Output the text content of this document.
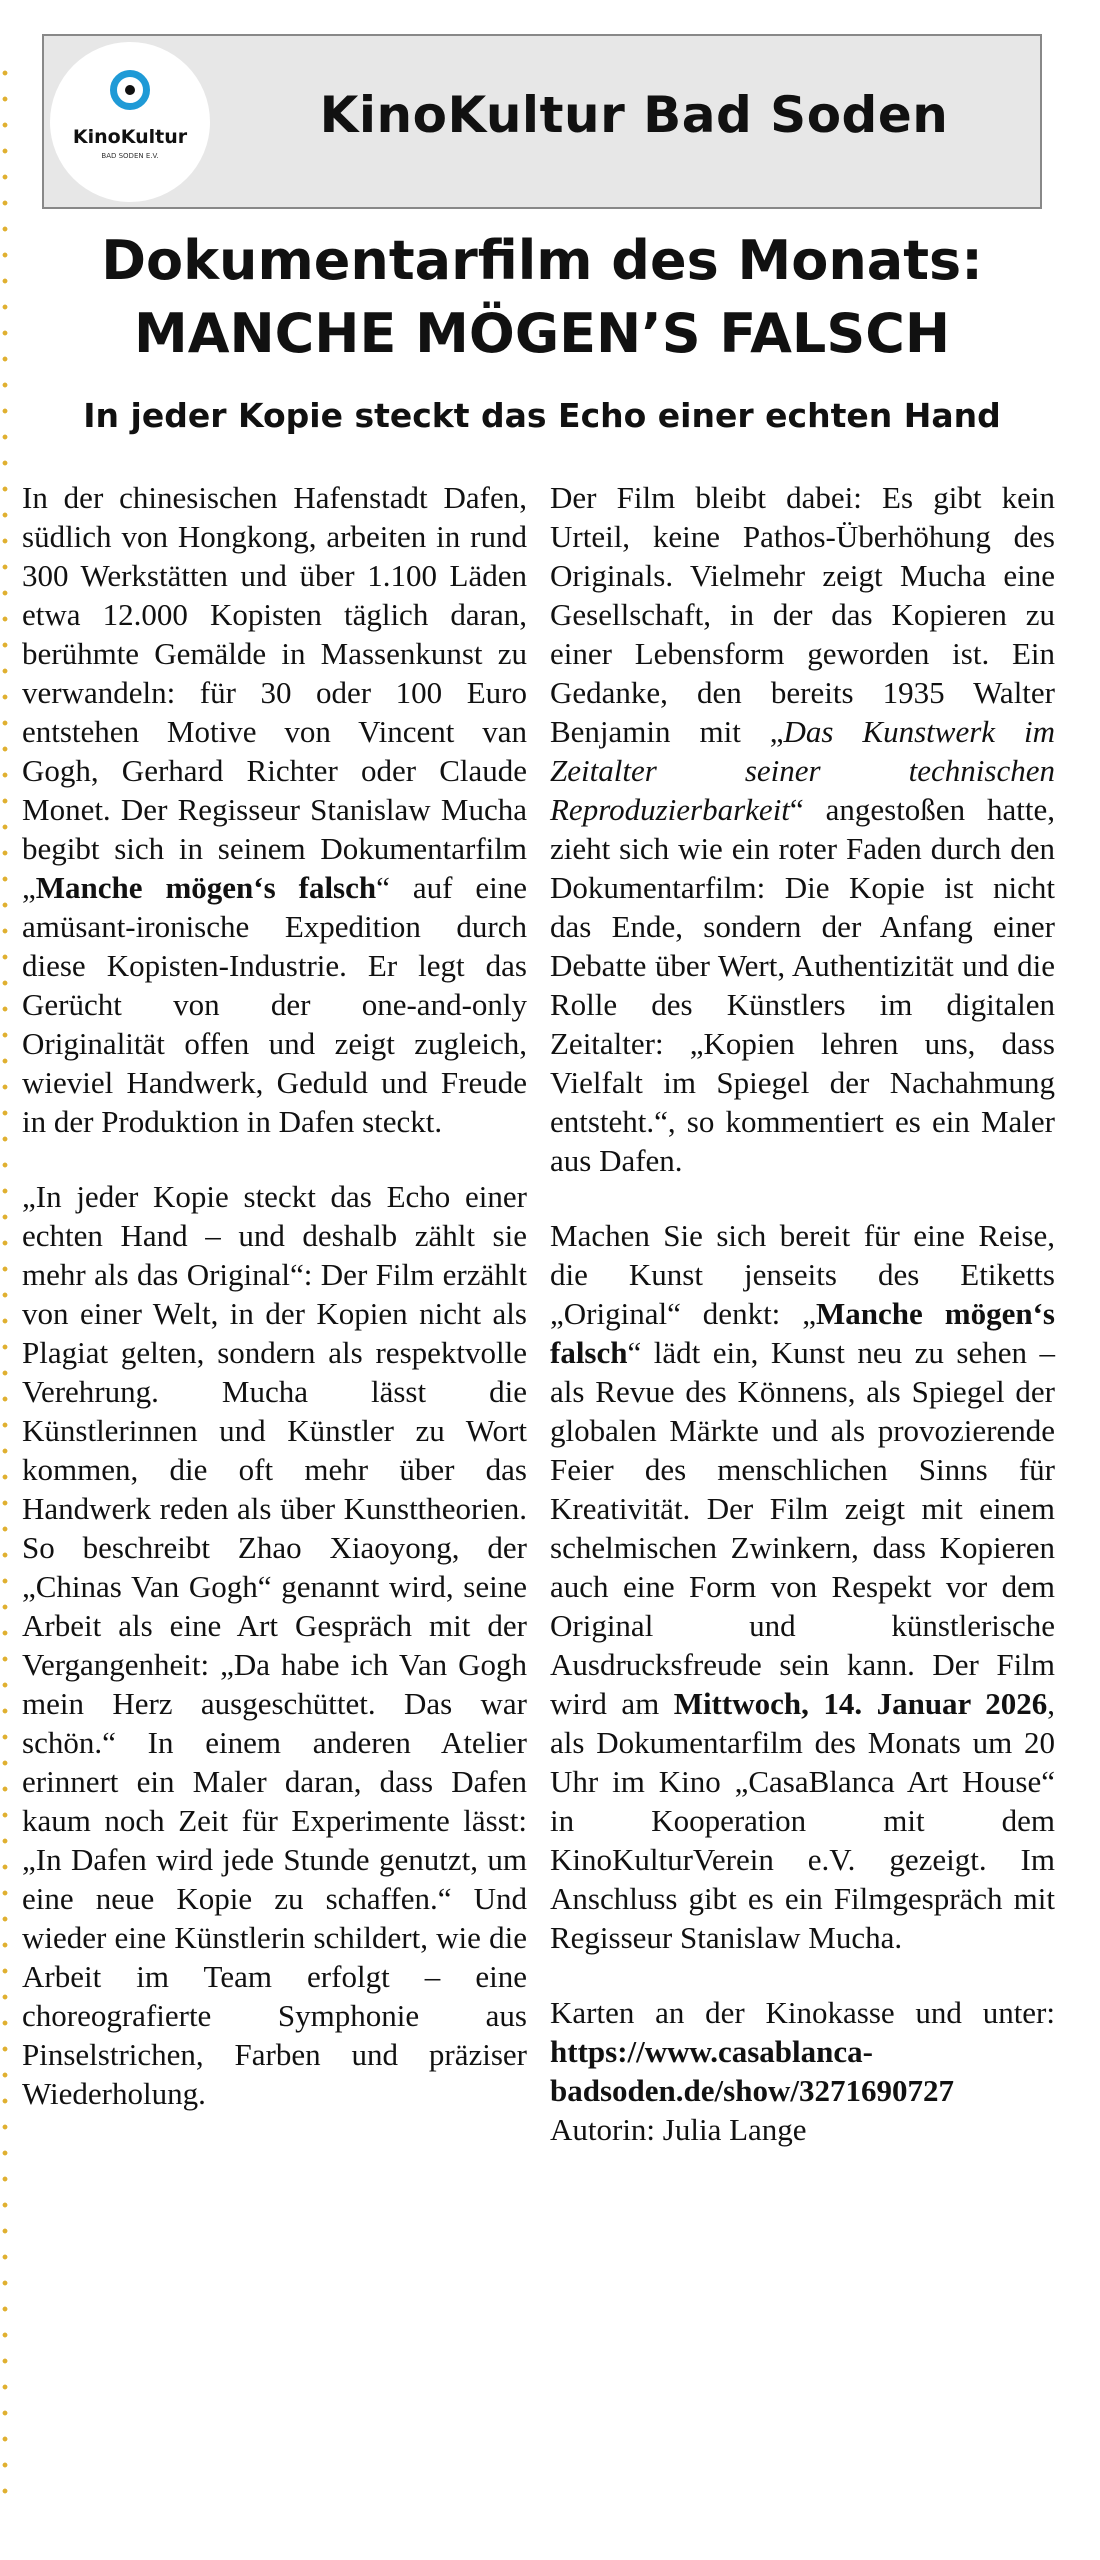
KinoKultur
BAD SODEN E.V.
KinoKultur Bad Soden
Dokumentarfilm des Monats:
MANCHE MÖGEN’S FALSCH
In jeder Kopie steckt das Echo einer echten Hand

In der chinesischen Hafenstadt Dafen, südlich von Hongkong, arbeiten in rund 300 Werkstätten und über 1.100 Läden etwa 12.000 Kopisten täglich daran, berühmte Gemälde in Massenkunst zu verwandeln: für 30 oder 100 Euro entstehen Motive von Vincent van Gogh, Gerhard Richter oder Claude Monet. Der Regisseur Stanislaw Mucha begibt sich in seinem Dokumentarfilm „Manche mögen‘s falsch“ auf eine amüsant-ironische Expedition durch diese Kopisten-Industrie. Er legt das Gerücht von der one-and-only Originalität offen und zeigt zugleich, wieviel Handwerk, Geduld und Freude in der Produktion in Dafen steckt.

„In jeder Kopie steckt das Echo einer echten Hand – und deshalb zählt sie mehr als das Original“: Der Film erzählt von einer Welt, in der Kopien nicht als Plagiat gelten, sondern als respektvolle Verehrung. Mucha lässt die Künstlerinnen und Künstler zu Wort kommen, die oft mehr über das Handwerk reden als über Kunsttheorien. So beschreibt Zhao Xiaoyong, der „Chinas Van Gogh“ genannt wird, seine Arbeit als eine Art Gespräch mit der Vergangenheit: „Da habe ich Van Gogh mein Herz ausgeschüttet. Das war schön.“ In einem anderen Atelier erinnert ein Maler daran, dass Dafen kaum noch Zeit für Experimente lässt: „In Dafen wird jede Stunde genutzt, um eine neue Kopie zu schaffen.“ Und wieder eine Künstlerin schildert, wie die Arbeit im Team erfolgt – eine choreografierte Symphonie aus Pinselstrichen, Farben und präziser Wiederholung.

Der Film bleibt dabei: Es gibt kein Urteil, keine Pathos-Überhöhung des Originals. Vielmehr zeigt Mucha eine Gesellschaft, in der das Kopieren zu einer Lebensform geworden ist. Ein Gedanke, den bereits 1935 Walter Benjamin mit „Das Kunstwerk im Zeitalter seiner technischen Reproduzierbarkeit“ angestoßen hatte, zieht sich wie ein roter Faden durch den Dokumentarfilm: Die Kopie ist nicht das Ende, sondern der Anfang einer Debatte über Wert, Authentizität und die Rolle des Künstlers im digitalen Zeitalter: „Kopien lehren uns, dass Vielfalt im Spiegel der Nachahmung entsteht.“, so kommentiert es ein Maler aus Dafen.

Machen Sie sich bereit für eine Reise, die Kunst jenseits des Etiketts „Original“ denkt: „Manche mögen‘s falsch“ lädt ein, Kunst neu zu sehen – als Revue des Könnens, als Spiegel der globalen Märkte und als provozierende Feier des menschlichen Sinns für Kreativität. Der Film zeigt mit einem schelmischen Zwinkern, dass Kopieren auch eine Form von Respekt vor dem Original und künstlerische Ausdrucksfreude sein kann. Der Film wird am Mittwoch, 14. Januar 2026, als Dokumentarfilm des Monats um 20 Uhr im Kino „CasaBlanca Art House“ in Kooperation mit dem KinoKulturVerein e.V. gezeigt. Im Anschluss gibt es ein Filmgespräch mit Regisseur Stanislaw Mucha.

Karten an der Kinokasse und unter: https://www.casablanca-badsoden.de/show/3271690727

Autorin: Julia Lange
